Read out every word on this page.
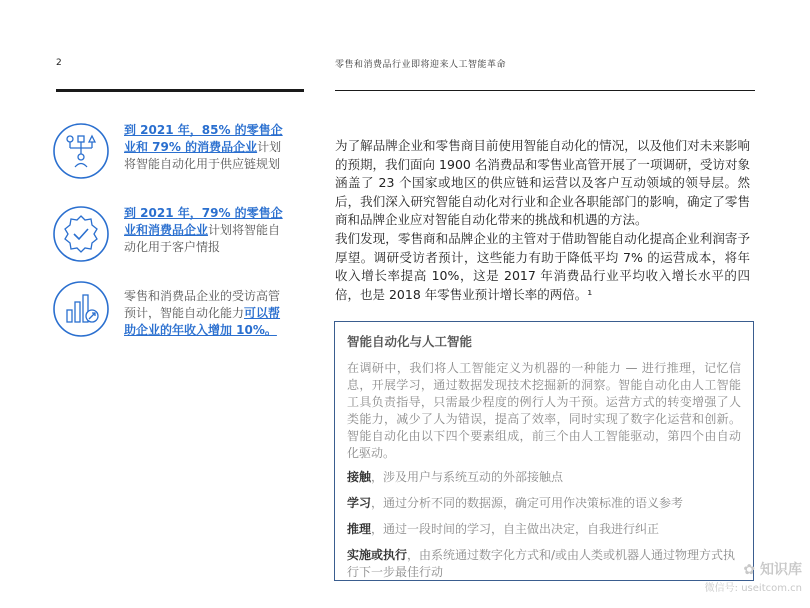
2	零售和消费品行业即将迎来人工智能革命
到 2021 年，85% 的零售企业和 79% 的消费品企业计划将智能自动化用于供应链规划
到 2021 年，79% 的零售企业和消费品企业计划将智能自动化用于客户情报
零售和消费品企业的受访高管预计，智能自动化能力可以帮助企业的年收入增加 10%。
为了解品牌企业和零售商目前使用智能自动化的情况，以及他们对未来影响的预期，我们面向 1900 名消费品和零售业高管开展了一项调研，受访对象涵盖了 23 个国家或地区的供应链和运营以及客户互动领域的领导层。然后，我们深入研究智能自动化对行业和企业各职能部门的影响，确定了零售商和品牌企业应对智能自动化带来的挑战和机遇的方法。
我们发现，零售商和品牌企业的主管对于借助智能自动化提高企业利润寄予厚望。调研受访者预计，这些能力有助于降低平均 7% 的运营成本，将年收入增长率提高 10%，这是 2017 年消费品行业平均收入增长水平的四倍，也是 2018 年零售业预计增长率的两倍。¹
智能自动化与人工智能
在调研中，我们将人工智能定义为机器的一种能力 — 进行推理，记忆信息，开展学习，通过数据发现技术挖掘新的洞察。智能自动化由人工智能工具负责指导，只需最少程度的例行人为干预。运营方式的转变增强了人类能力，减少了人为错误，提高了效率，同时实现了数字化运营和创新。智能自动化由以下四个要素组成，前三个由人工智能驱动，第四个由自动化驱动。
接触，涉及用户与系统互动的外部接触点
学习，通过分析不同的数据源，确定可用作决策标准的语义参考
推理，通过一段时间的学习，自主做出决定，自我进行纠正
实施或执行，由系统通过数字化方式和/或由人类或机器人通过物理方式执行下一步最佳行动	✿ 知识库
微信号: useitcom.cn
